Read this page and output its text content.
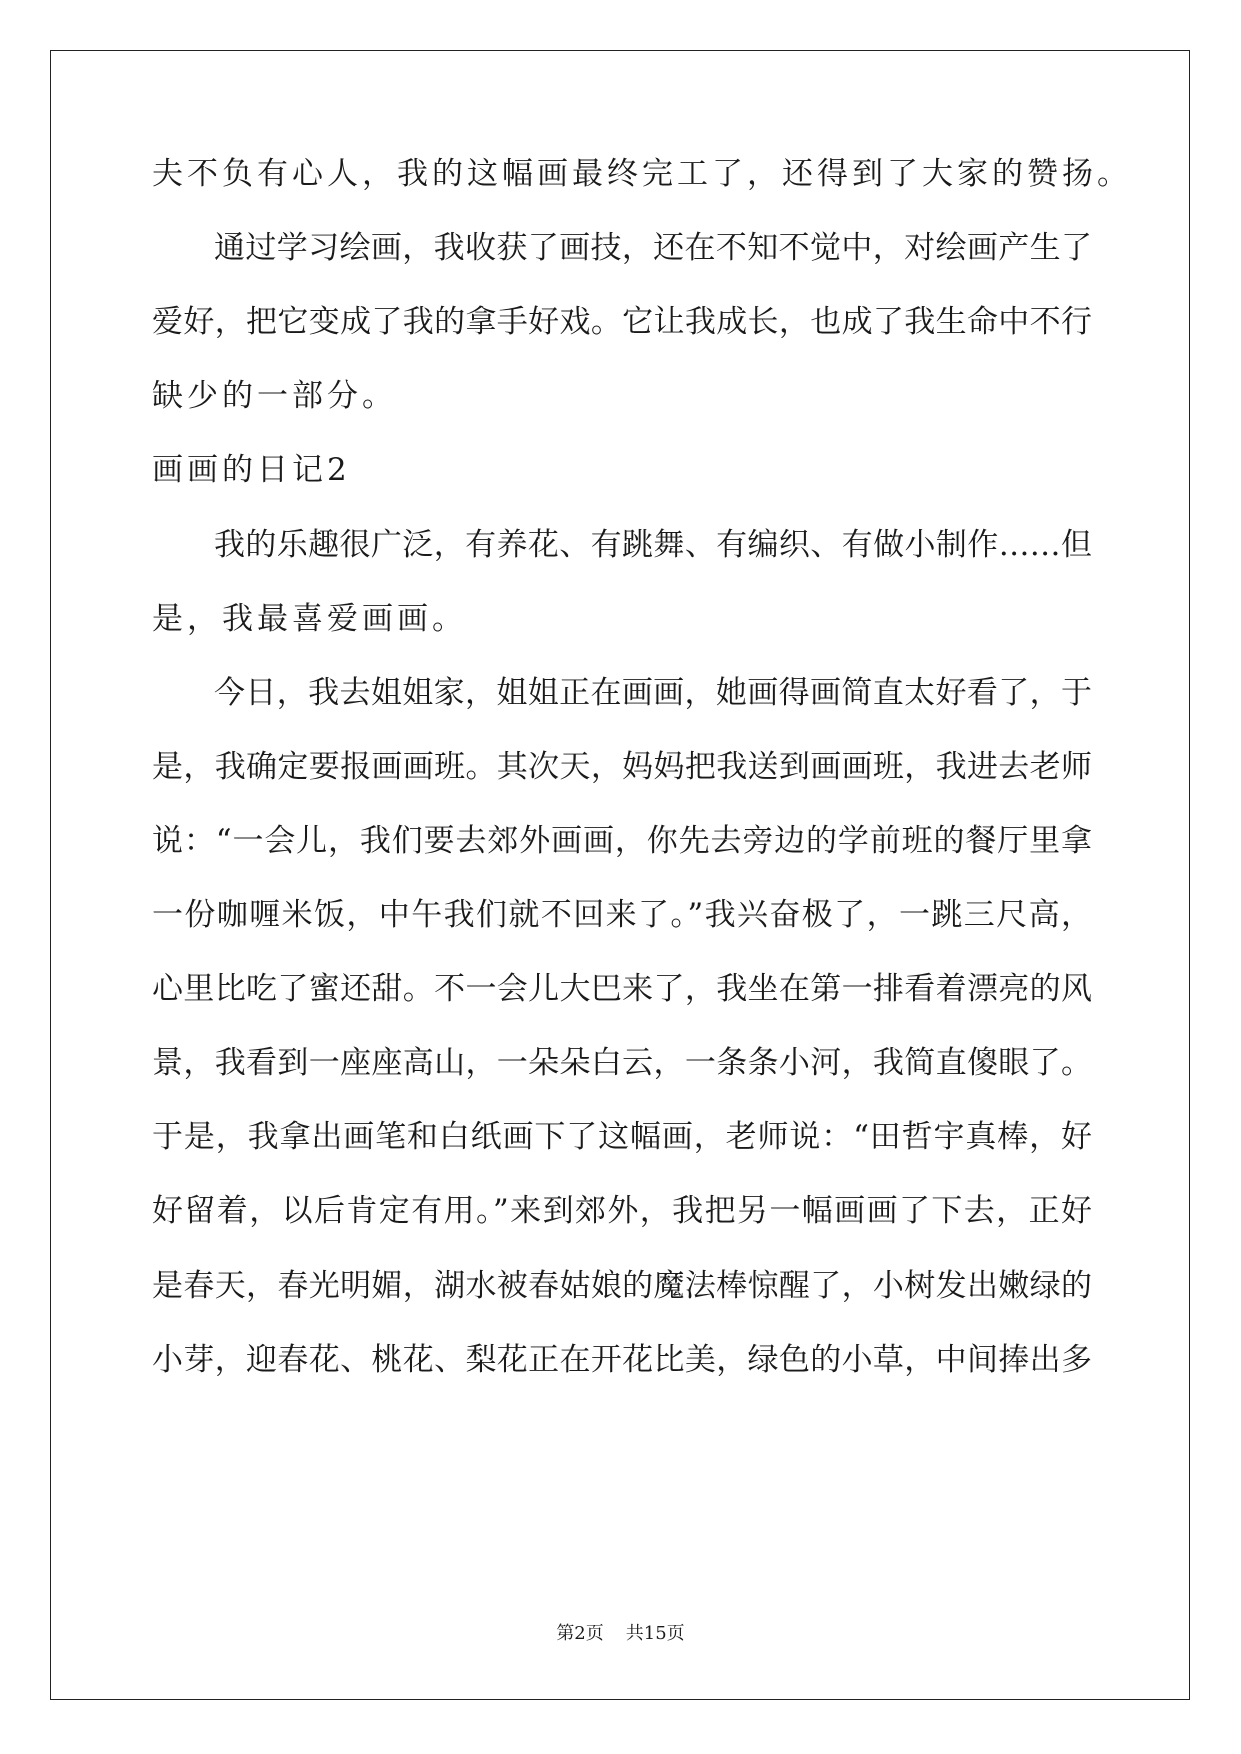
夫不负有心人，我的这幅画最终完工了，还得到了大家的赞扬。
通过学习绘画，我收获了画技，还在不知不觉中，对绘画产生了
爱好，把它变成了我的拿手好戏。它让我成长，也成了我生命中不行
缺少的一部分。
画画的日记2
我的乐趣很广泛，有养花、有跳舞、有编织、有做小制作……但
是，我最喜爱画画。
今日，我去姐姐家，姐姐正在画画，她画得画简直太好看了，于
是，我确定要报画画班。其次天，妈妈把我送到画画班，我进去老师
说：“一会儿，我们要去郊外画画，你先去旁边的学前班的餐厅里拿
一份咖喱米饭，中午我们就不回来了。”我兴奋极了，一跳三尺高，
心里比吃了蜜还甜。不一会儿大巴来了，我坐在第一排看着漂亮的风
景，我看到一座座高山，一朵朵白云，一条条小河，我简直傻眼了。
于是，我拿出画笔和白纸画下了这幅画，老师说：“田哲宇真棒，好
好留着，以后肯定有用。”来到郊外，我把另一幅画画了下去，正好
是春天，春光明媚，湖水被春姑娘的魔法棒惊醒了，小树发出嫩绿的
小芽，迎春花、桃花、梨花正在开花比美，绿色的小草，中间捧出多
第2页 共15页
